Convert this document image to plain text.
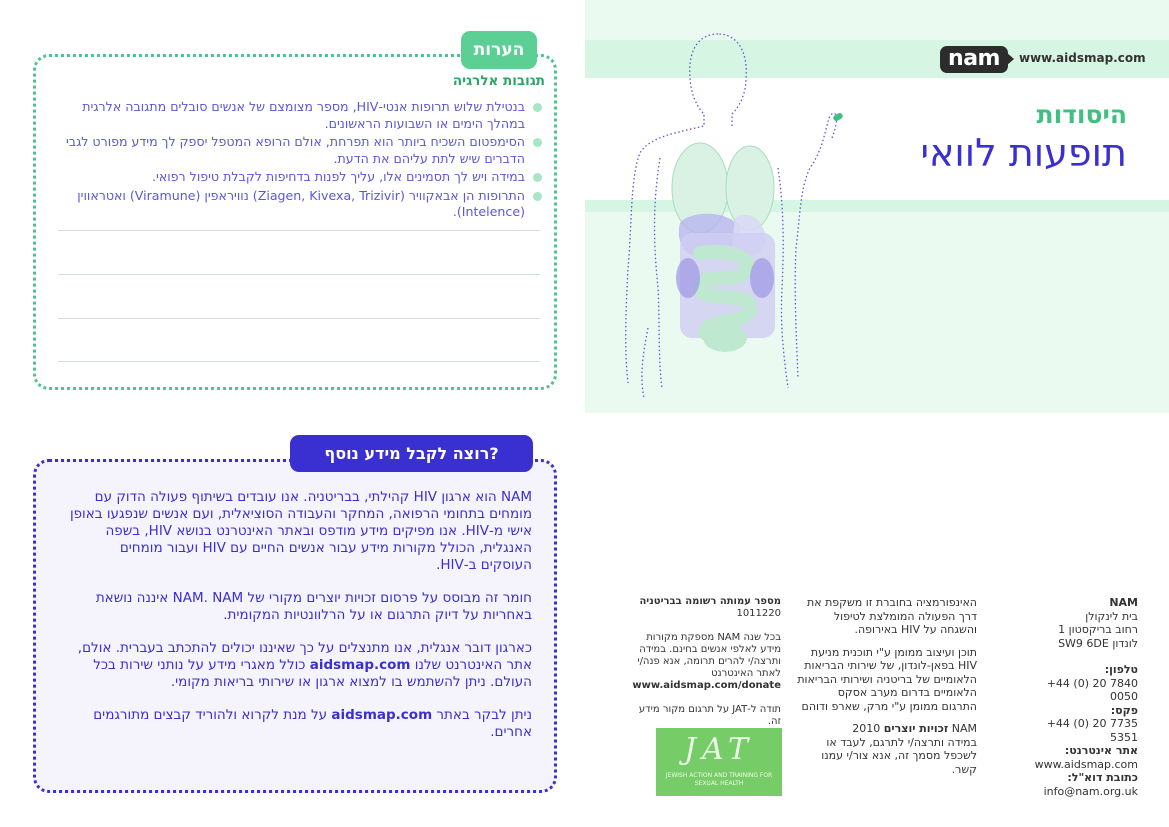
הערות
תגובות אלרגיה
בנטילת שלוש תרופות אנטי-HIV, מספר מצומצם של אנשים סובלים מתגובה אלרגית במהלך הימים או השבועות הראשונים.
הסימפטום השכיח ביותר הוא תפרחת, אולם הרופא המטפל יספק לך מידע מפורט לגבי הדברים שיש לתת עליהם את הדעת.
במידה ויש לך תסמינים אלו, עליך לפנות בדחיפות לקבלת טיפול רפואי.
התרופות הן אבאקוויר (Ziagen, Kivexa, Trizivir) נוויראפין (Viramune) ואטראווין (Intelence).
nam	www.aidsmap.com
היסודות
תופעות לוואי
רוצה לקבל מידע נוסף?

NAM הוא ארגון HIV קהילתי, בבריטניה. אנו עובדים בשיתוף פעולה הדוק עם מומחים בתחומי הרפואה, המחקר והעבודה הסוציאלית, ועם אנשים שנפגעו באופן אישי מ-HIV. אנו מפיקים מידע מודפס ובאתר האינטרנט בנושא HIV, בשפה האנגלית, הכולל מקורות מידע עבור אנשים החיים עם HIV ועבור מומחים העוסקים ב-HIV.

חומר זה מבוסס על פרסום זכויות יוצרים מקורי של NAM. NAM איננה נושאת באחריות על דיוק התרגום או על הרלוונטיות המקומית.

כארגון דובר אנגלית, אנו מתנצלים על כך שאיננו יכולים להתכתב בעברית. אולם, אתר האינטרנט שלנו aidsmap.com כולל מאגרי מידע על נותני שירות בכל העולם. ניתן להשתמש בו למצוא ארגון או שירותי בריאות מקומי.

ניתן לבקר באתר aidsmap.com על מנת לקרוא ולהוריד קבצים מתורגמים אחרים.

NAM
בית לינקולן
רחוב בריקסטון 1
לונדון SW9 6DE
טלפון:
+44 (0) 20 7840 0050
פקס:
+44 (0) 20 7735 5351
אתר אינטרנט:
www.aidsmap.com
כתובת דוא"ל:
info@nam.org.uk

האינפורמציה בחוברת זו משקפת את דרך הפעולה המומלצת לטיפול והשגחה על HIV באירופה.

תוכן ועיצוב ממומן ע"י תוכנית מניעת HIV בפאן-לונדון, של שירותי הבריאות הלאומיים של בריטניה ושירותי הבריאות הלאומיים בדרום מערב אסקס

התרגום ממומן ע"י מרק, שארפ ודוהם

NAM זכויות יוצרים 2010

במידה ותרצה/י לתרגם, לעבד או לשכפל מסמך זה, אנא צור/י עמנו קשר.

מספר עמותה רשומה בבריטניה
1011220

בכל שנה NAM מספקת מקורות מידע לאלפי אנשים בחינם. במידה ותרצה/י להרים תרומה, אנא פנה/י לאתר האינטרנט

www.aidsmap.com/donate

תודה ל-JAT על תרגום מקור מידע זה.

JAT
JEWISH ACTION AND TRAINING FOR SEXUAL HEALTH
